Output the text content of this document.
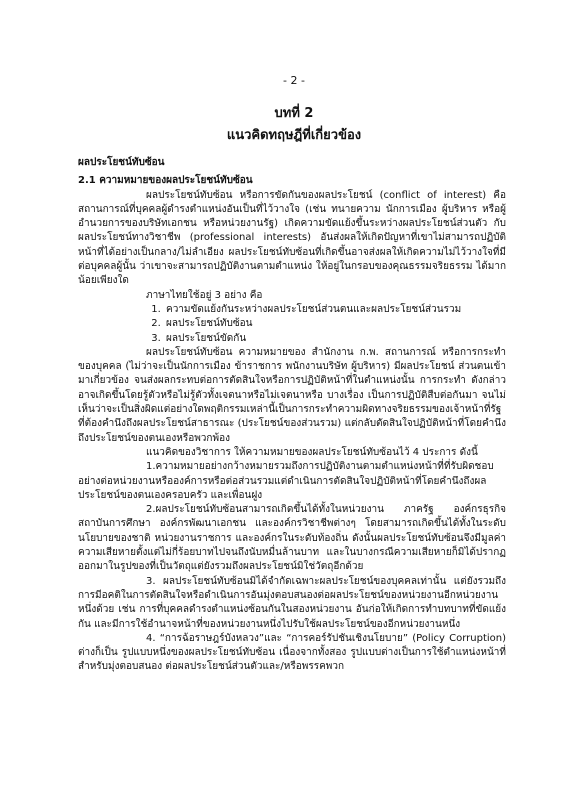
- 2 -
บทที่ 2
แนวคิดทฤษฎีที่เกี่ยวข้อง

ผลประโยชน์ทับซ้อน

2.1 ความหมายของผลประโยชน์ทับซ้อน

ผลประโยชน์ทับซ้อน หรือการขัดกันของผลประโยชน์ (conflict of interest) คือ สถานการณ์ที่บุคคลผู้ดำรงตำแหน่งอันเป็นที่ไว้วางใจ (เช่น ทนายความ นักการเมือง ผู้บริหาร หรือผู้อำนวยการของบริษัทเอกชน หรือหน่วยงานรัฐ) เกิดความขัดแย้งขึ้นระหว่างผลประโยชน์ส่วนตัว กับผลประโยชน์ทางวิชาชีพ (professional interests) อันส่งผลให้เกิดปัญหาที่เขาไม่สามารถปฏิบัติหน้าที่ได้อย่างเป็นกลาง/ไม่ลำเอียง ผลประโยชน์ทับซ้อนที่เกิดขึ้นอาจส่งผลให้เกิดความไม่ไว้วางใจที่มีต่อบุคคลผู้นั้น ว่าเขาจะสามารถปฏิบัติงานตามตำแหน่ง ให้อยู่ในกรอบของคุณธรรมจริยธรรม ได้มากน้อยเพียงใด

ภาษาไทยใช้อยู่ 3 อย่าง คือ

1. ความขัดแย้งกันระหว่างผลประโยชน์ส่วนตนและผลประโยชน์ส่วนรวม
2. ผลประโยชน์ทับซ้อน
3. ผลประโยชน์ขัดกัน

ผลประโยชน์ทับซ้อน ความหมายของ สำนักงาน ก.พ. สถานการณ์ หรือการกระทำของบุคคล (ไม่ว่าจะเป็นนักการเมือง ข้าราชการ พนักงานบริษัท ผู้บริหาร) มีผลประโยชน์ ส่วนตนเข้ามาเกี่ยวข้อง จนส่งผลกระทบต่อการตัดสินใจหรือการปฏิบัติหน้าที่ในตำแหน่งนั้น การกระทำ ดังกล่าวอาจเกิดขึ้นโดยรู้ตัวหรือไม่รู้ตัวทั้งเจตนาหรือไม่เจตนาหรือ บางเรื่อง เป็นการปฏิบัติสืบต่อกันมา จนไม่เห็นว่าจะเป็นสิ่งผิดแต่อย่างใดพฤติกรรมเหล่านี้เป็นการกระทำความผิดทางจริยธรรมของเจ้าหน้าที่รัฐที่ต้องคำนึงถึงผลประโยชน์สาธารณะ (ประโยชน์ของส่วนรวม) แต่กลับตัดสินใจปฏิบัติหน้าที่โดยคำนึงถึงประโยชน์ของตนเองหรือพวกพ้อง

แนวคิดของวิชาการ ให้ความหมายของผลประโยชน์ทับซ้อนไว้ 4 ประการ ดังนี้

1.ความหมายอย่างกว้างหมายรวมถึงการปฏิบัติงานตามตำแหน่งหน้าที่ที่รับผิดชอบอย่างต่อหน่วยงานหรือองค์การหรือต่อส่วนรวมแต่ดำเนินการตัดสินใจปฏิบัติหน้าที่โดยคำนึงถึงผลประโยชน์ของตนเองครอบครัว และเพื่อนฝูง

2.ผลประโยชน์ทับซ้อนสามารถเกิดขึ้นได้ทั้งในหน่วยงาน ภาครัฐ องค์กรธุรกิจ สถาบันการศึกษา องค์กรพัฒนาเอกชน และองค์กรวิชาชีพต่างๆ โดยสามารถเกิดขึ้นได้ทั้งในระดับนโยบายของชาติ หน่วยงานราชการ และองค์กรในระดับท้องถิ่น ดังนั้นผลประโยชน์ทับซ้อนจึงมีมูลค่าความเสียหายตั้งแต่ไม่กี่ร้อยบาทไปจนถึงนับหมื่นล้านบาท และในบางกรณีความเสียหายก็มิได้ปรากฏออกมาในรูปของที่เป็นวัตถุแต่ยังรวมถึงผลประโยชน์มิใช่วัตถุอีกด้วย

3. ผลประโยชน์ทับซ้อนมิได้จำกัดเฉพาะผลประโยชน์ของบุคคลเท่านั้น แต่ยังรวมถึงการมีอคติในการตัดสินใจหรือดำเนินการอันมุ่งตอบสนองต่อผลประโยชน์ของหน่วยงานอีกหน่วยงานหนึ่งด้วย เช่น การที่บุคคลดำรงตำแหน่งซ้อนกันในสองหน่วยงาน อันก่อให้เกิดการทำบทบาทที่ขัดแย้งกัน และมีการใช้อำนาจหน้าที่ของหน่วยงานหนึ่งไปรับใช้ผลประโยชน์ของอีกหน่วยงานหนึ่ง

4. “การฉ้อราษฎร์บังหลวง”และ “การคอร์รัปชันเชิงนโยบาย” (Policy Corruption) ต่างก็เป็น รูปแบบหนึ่งของผลประโยชน์ทับซ้อน เนื่องจากทั้งสอง รูปแบบต่างเป็นการใช้ตำแหน่งหน้าที่สำหรับมุ่งตอบสนอง ต่อผลประโยชน์ส่วนตัวและ/หรือพรรคพวก
